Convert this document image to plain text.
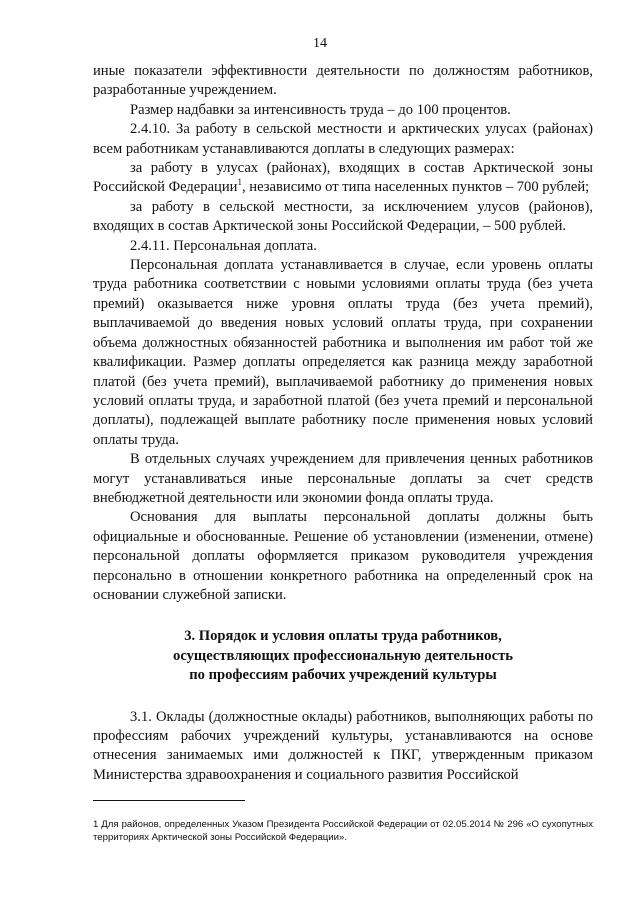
14

иные показатели эффективности деятельности по должностям работников, разработанные учреждением.

Размер надбавки за интенсивность труда – до 100 процентов.

2.4.10. За работу в сельской местности и арктических улусах (районах) всем работникам устанавливаются доплаты в следующих размерах:

за работу в улусах (районах), входящих в состав Арктической зоны Российской Федерации$^1$, независимо от типа населенных пунктов – 700 рублей;

за работу в сельской местности, за исключением улусов (районов), входящих в состав Арктической зоны Российской Федерации, – 500 рублей.

2.4.11. Персональная доплата.

Персональная доплата устанавливается в случае, если уровень оплаты труда работника соответствии с новыми условиями оплаты труда (без учета премий) оказывается ниже уровня оплаты труда (без учета премий), выплачиваемой до введения новых условий оплаты труда, при сохранении объема должностных обязанностей работника и выполнения им работ той же квалификации. Размер доплаты определяется как разница между заработной платой (без учета премий), выплачиваемой работнику до применения новых условий оплаты труда, и заработной платой (без учета премий и персональной доплаты), подлежащей выплате работнику после применения новых условий оплаты труда.

В отдельных случаях учреждением для привлечения ценных работников могут устанавливаться иные персональные доплаты за счет средств внебюджетной деятельности или экономии фонда оплаты труда.

Основания для выплаты персональной доплаты должны быть официальные и обоснованные. Решение об установлении (изменении, отмене) персональной доплаты оформляется приказом руководителя учреждения персонально в отношении конкретного работника на определенный срок на основании служебной записки.

3. Порядок и условия оплаты труда работников,
осуществляющих профессиональную деятельность
по профессиям рабочих учреждений культуры

3.1. Оклады (должностные оклады) работников, выполняющих работы по профессиям рабочих учреждений культуры, устанавливаются на основе отнесения занимаемых ими должностей к ПКГ, утвержденным приказом Министерства здравоохранения и социального развития Российской

1 Для районов, определенных Указом Президента Российской Федерации от 02.05.2014 № 296 «О сухопутных территориях Арктической зоны Российской Федерации».
